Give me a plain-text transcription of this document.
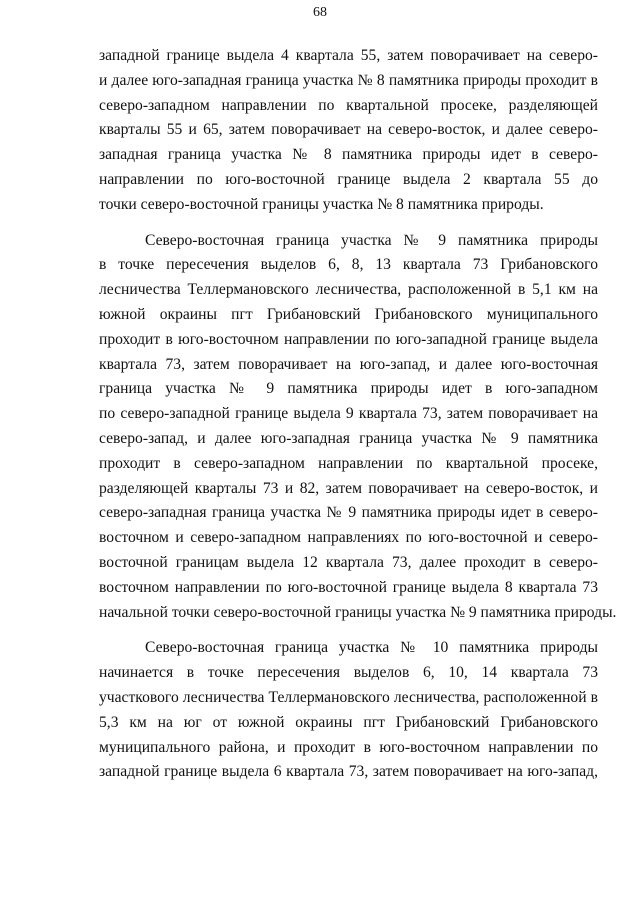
68
западной границе выдела 4 квартала 55, затем поворачивает на северо-
и далее юго-западная граница участка № 8 памятника природы проходит в
северо-западном направлении по квартальной просеке, разделяющей
кварталы 55 и 65, затем поворачивает на северо-восток, и далее северо-
западная граница участка № 8 памятника природы идет в северо-
направлении по юго-восточной границе выдела 2 квартала 55 до
точки северо-восточной границы участка № 8 памятника природы.
Северо-восточная граница участка № 9 памятника природы
в точке пересечения выделов 6, 8, 13 квартала 73 Грибановского
лесничества Теллермановского лесничества, расположенной в 5,1 км на
южной окраины пгт Грибановский Грибановского муниципального
проходит в юго-восточном направлении по юго-западной границе выдела
квартала 73, затем поворачивает на юго-запад, и далее юго-восточная
граница участка № 9 памятника природы идет в юго-западном
по северо-западной границе выдела 9 квартала 73, затем поворачивает на
северо-запад, и далее юго-западная граница участка № 9 памятника
проходит в северо-западном направлении по квартальной просеке,
разделяющей кварталы 73 и 82, затем поворачивает на северо-восток, и
северо-западная граница участка № 9 памятника природы идет в северо-
восточном и северо-западном направлениях по юго-восточной и северо-
восточной границам выдела 12 квартала 73, далее проходит в северо-
восточном направлении по юго-восточной границе выдела 8 квартала 73
начальной точки северо-восточной границы участка № 9 памятника природы.
Северо-восточная граница участка № 10 памятника природы
начинается в точке пересечения выделов 6, 10, 14 квартала 73
участкового лесничества Теллермановского лесничества, расположенной в
5,3 км на юг от южной окраины пгт Грибановский Грибановского
муниципального района, и проходит в юго-восточном направлении по
западной границе выдела 6 квартала 73, затем поворачивает на юго-запад,
